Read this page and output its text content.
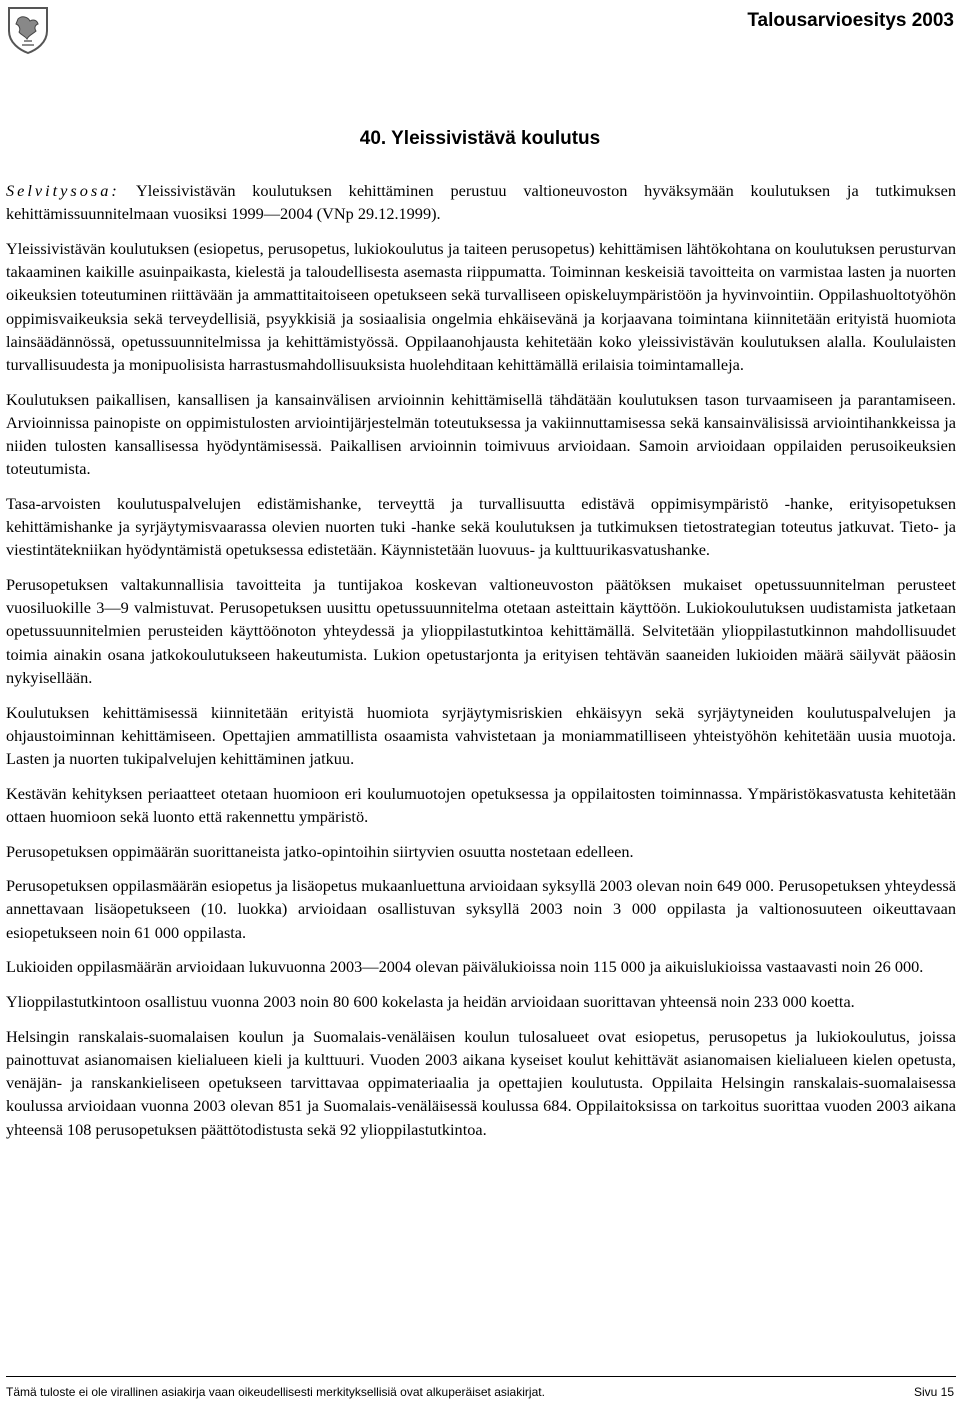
Talousarvioesitys 2003
40. Yleissivistävä koulutus

Selvitysosa: Yleissivistävän koulutuksen kehittäminen perustuu valtioneuvoston hyväksymään koulutuksen ja tutkimuksen kehittämissuunnitelmaan vuosiksi 1999—2004 (VNp 29.12.1999).

Yleissivistävän koulutuksen (esiopetus, perusopetus, lukiokoulutus ja taiteen perusopetus) kehittämisen lähtökohtana on koulutuksen perusturvan takaaminen kaikille asuinpaikasta, kielestä ja taloudellisesta asemasta riippumatta. Toiminnan keskeisiä tavoitteita on varmistaa lasten ja nuorten oikeuksien toteutuminen riittävään ja ammattitaitoiseen opetukseen sekä turvalliseen opiskeluympäristöön ja hyvinvointiin. Oppilashuoltotyöhön oppimisvaikeuksia sekä terveydellisiä, psyykkisiä ja sosiaalisia ongelmia ehkäisevänä ja korjaavana toimintana kiinnitetään erityistä huomiota lainsäädännössä, opetussuunnitelmissa ja kehittämistyössä. Oppilaanohjausta kehitetään koko yleissivistävän koulutuksen alalla. Koululaisten turvallisuudesta ja monipuolisista harrastusmahdollisuuksista huolehditaan kehittämällä erilaisia toimintamalleja.

Koulutuksen paikallisen, kansallisen ja kansainvälisen arvioinnin kehittämisellä tähdätään koulutuksen tason turvaamiseen ja parantamiseen. Arvioinnissa painopiste on oppimistulosten arviointijärjestelmän toteutuksessa ja vakiinnuttamisessa sekä kansainvälisissä arviointihankkeissa ja niiden tulosten kansallisessa hyödyntämisessä. Paikallisen arvioinnin toimivuus arvioidaan. Samoin arvioidaan oppilaiden perusoikeuksien toteutumista.

Tasa-arvoisten koulutuspalvelujen edistämishanke, terveyttä ja turvallisuutta edistävä oppimisympäristö -hanke, erityisopetuksen kehittämishanke ja syrjäytymisvaarassa olevien nuorten tuki -hanke sekä koulutuksen ja tutkimuksen tietostrategian toteutus jatkuvat. Tieto- ja viestintätekniikan hyödyntämistä opetuksessa edistetään. Käynnistetään luovuus- ja kulttuurikasvatushanke.

Perusopetuksen valtakunnallisia tavoitteita ja tuntijakoa koskevan valtioneuvoston päätöksen mukaiset opetussuunnitelman perusteet vuosiluokille 3—9 valmistuvat. Perusopetuksen uusittu opetussuunnitelma otetaan asteittain käyttöön. Lukiokoulutuksen uudistamista jatketaan opetussuunnitelmien perusteiden käyttöönoton yhteydessä ja ylioppilastutkintoa kehittämällä. Selvitetään ylioppilastutkinnon mahdollisuudet toimia ainakin osana jatkokoulutukseen hakeutumista. Lukion opetustarjonta ja erityisen tehtävän saaneiden lukioiden määrä säilyvät pääosin nykyisellään.

Koulutuksen kehittämisessä kiinnitetään erityistä huomiota syrjäytymisriskien ehkäisyyn sekä syrjäytyneiden koulutuspalvelujen ja ohjaustoiminnan kehittämiseen. Opettajien ammatillista osaamista vahvistetaan ja moniammatilliseen yhteistyöhön kehitetään uusia muotoja. Lasten ja nuorten tukipalvelujen kehittäminen jatkuu.

Kestävän kehityksen periaatteet otetaan huomioon eri koulumuotojen opetuksessa ja oppilaitosten toiminnassa. Ympäristökasvatusta kehitetään ottaen huomioon sekä luonto että rakennettu ympäristö.

Perusopetuksen oppimäärän suorittaneista jatko-opintoihin siirtyvien osuutta nostetaan edelleen.

Perusopetuksen oppilasmäärän esiopetus ja lisäopetus mukaanluettuna arvioidaan syksyllä 2003 olevan noin 649 000. Perusopetuksen yhteydessä annettavaan lisäopetukseen (10. luokka) arvioidaan osallistuvan syksyllä 2003 noin 3 000 oppilasta ja valtionosuuteen oikeuttavaan esiopetukseen noin 61 000 oppilasta.

Lukioiden oppilasmäärän arvioidaan lukuvuonna 2003—2004 olevan päivälukioissa noin 115 000 ja aikuislukioissa vastaavasti noin 26 000.

Ylioppilastutkintoon osallistuu vuonna 2003 noin 80 600 kokelasta ja heidän arvioidaan suorittavan yhteensä noin 233 000 koetta.

Helsingin ranskalais-suomalaisen koulun ja Suomalais-venäläisen koulun tulosalueet ovat esiopetus, perusopetus ja lukiokoulutus, joissa painottuvat asianomaisen kielialueen kieli ja kulttuuri. Vuoden 2003 aikana kyseiset koulut kehittävät asianomaisen kielialueen kielen opetusta, venäjän- ja ranskankieliseen opetukseen tarvittavaa oppimateriaalia ja opettajien koulutusta. Oppilaita Helsingin ranskalais-suomalaisessa koulussa arvioidaan vuonna 2003 olevan 851 ja Suomalais-venäläisessä koulussa 684. Oppilaitoksissa on tarkoitus suorittaa vuoden 2003 aikana yhteensä 108 perusopetuksen päättötodistusta sekä 92 ylioppilastutkintoa.

Tämä tuloste ei ole virallinen asiakirja vaan oikeudellisesti merkityksellisiä ovat alkuperäiset asiakirjat.	Sivu 15
